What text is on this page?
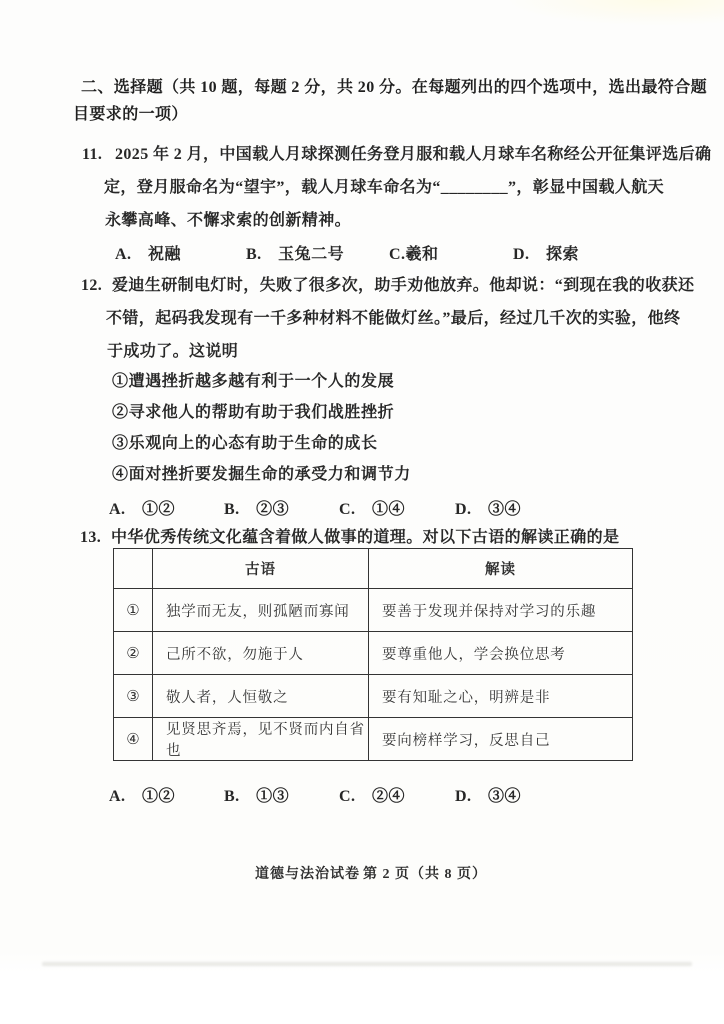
二、选择题（共 10 题，每题 2 分，共 20 分。在每题列出的四个选项中，选出最符合题
目要求的一项）
11. 2025 年 2 月，中国载人月球探测任务登月服和载人月球车名称经公开征集评选后确
定，登月服命名为“望宇”，载人月球车命名为“________”，彰显中国载人航天
永攀高峰、不懈求索的创新精神。
A.　祝融	B.　玉兔二号	C.羲和	D.　探索
12. 爱迪生研制电灯时，失败了很多次，助手劝他放弃。他却说：“到现在我的收获还
不错，起码我发现有一千多种材料不能做灯丝。”最后，经过几千次的实验，他终
于成功了。这说明
①遭遇挫折越多越有利于一个人的发展
②寻求他人的帮助有助于我们战胜挫折
③乐观向上的心态有助于生命的成长
④面对挫折要发掘生命的承受力和调节力
A.　①②	B.　②③	C.　①④	D.　③④
13. 中华优秀传统文化蕴含着做人做事的道理。对以下古语的解读正确的是
	古语	解读
①	独学而无友，则孤陋而寡闻	要善于发现并保持对学习的乐趣
②	己所不欲，勿施于人	要尊重他人，学会换位思考
③	敬人者，人恒敬之	要有知耻之心，明辨是非
④	见贤思齐焉，见不贤而内自省也	要向榜样学习，反思自己
A.　①②	B.　①③	C.　②④	D.　③④
道德与法治试卷 第 2 页（共 8 页）
